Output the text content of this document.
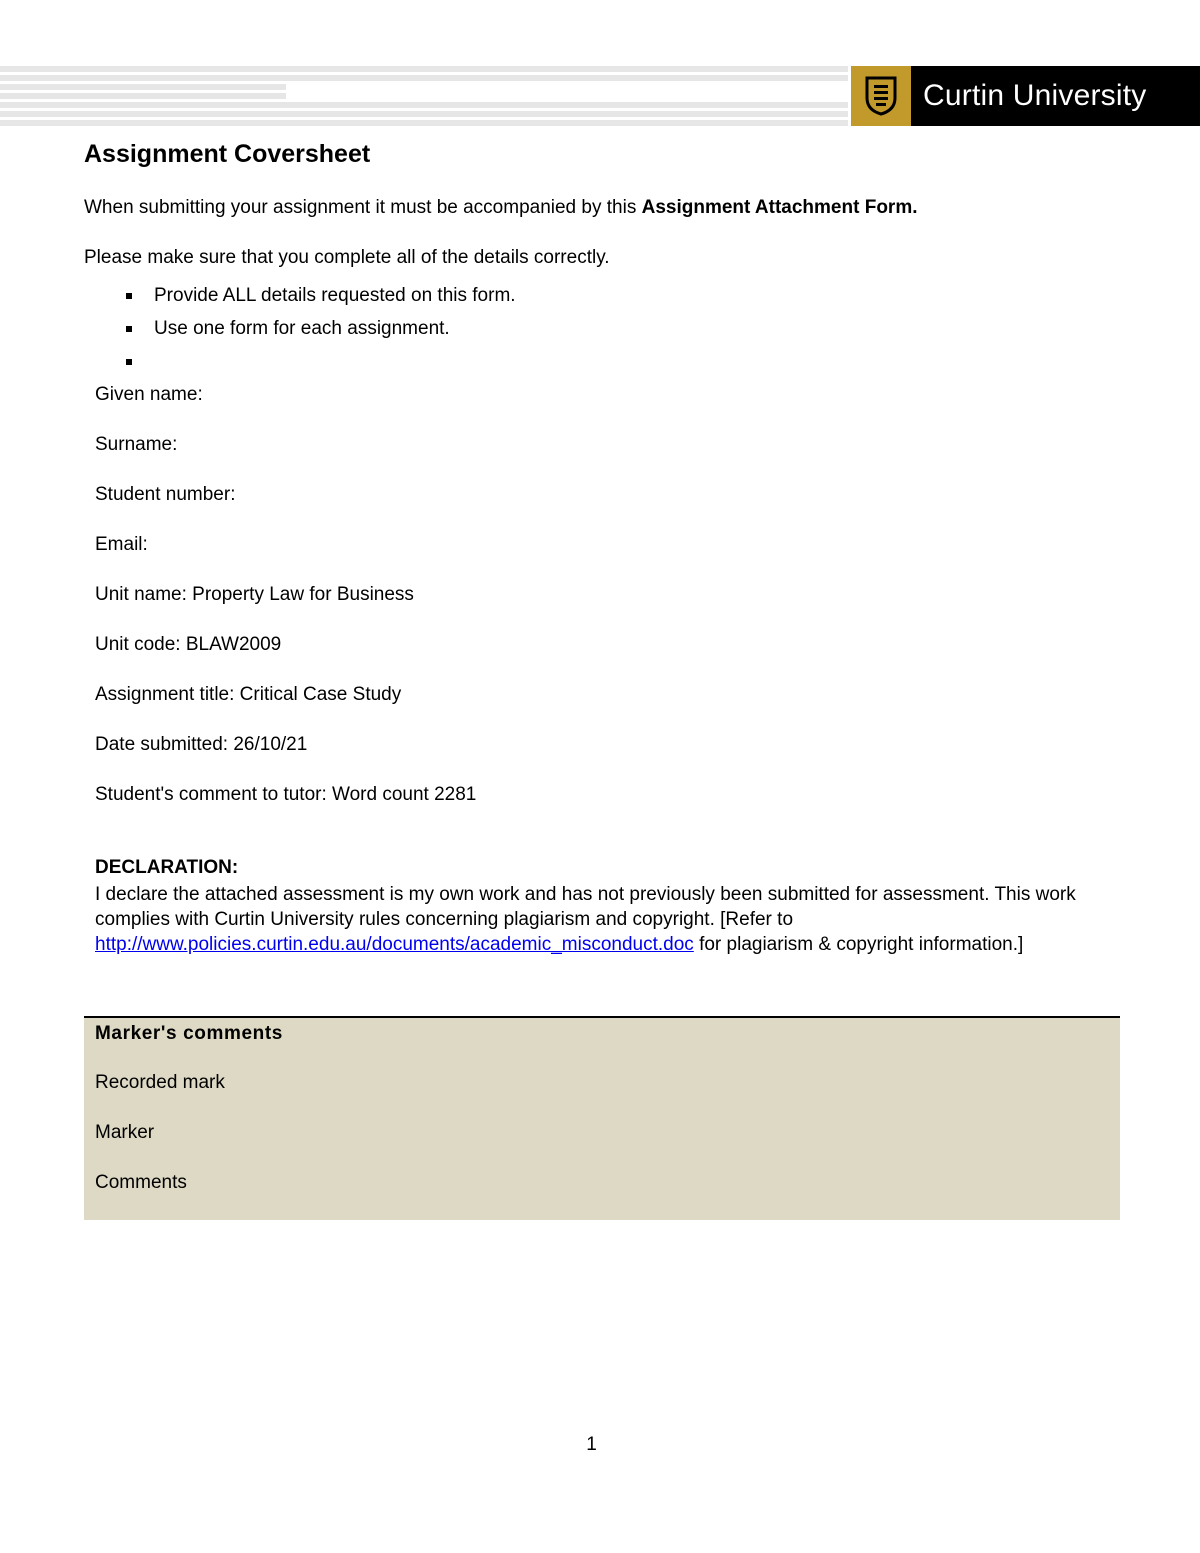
Curtin University
Assignment Coversheet
When submitting your assignment it must be accompanied by this Assignment Attachment Form.
Please make sure that you complete all of the details correctly.
Provide ALL details requested on this form.
Use one form for each assignment.
Given name:
Surname:
Student number:
Email:
Unit name: Property Law for Business
Unit code: BLAW2009
Assignment title: Critical Case Study
Date submitted: 26/10/21
Student's comment to tutor: Word count 2281
DECLARATION:
I declare the attached assessment is my own work and has not previously been submitted for assessment. This work complies with Curtin University rules concerning plagiarism and copyright. [Refer to http://www.policies.curtin.edu.au/documents/academic_misconduct.doc for plagiarism & copyright information.]
Marker's comments
Recorded mark
Marker
Comments
1
